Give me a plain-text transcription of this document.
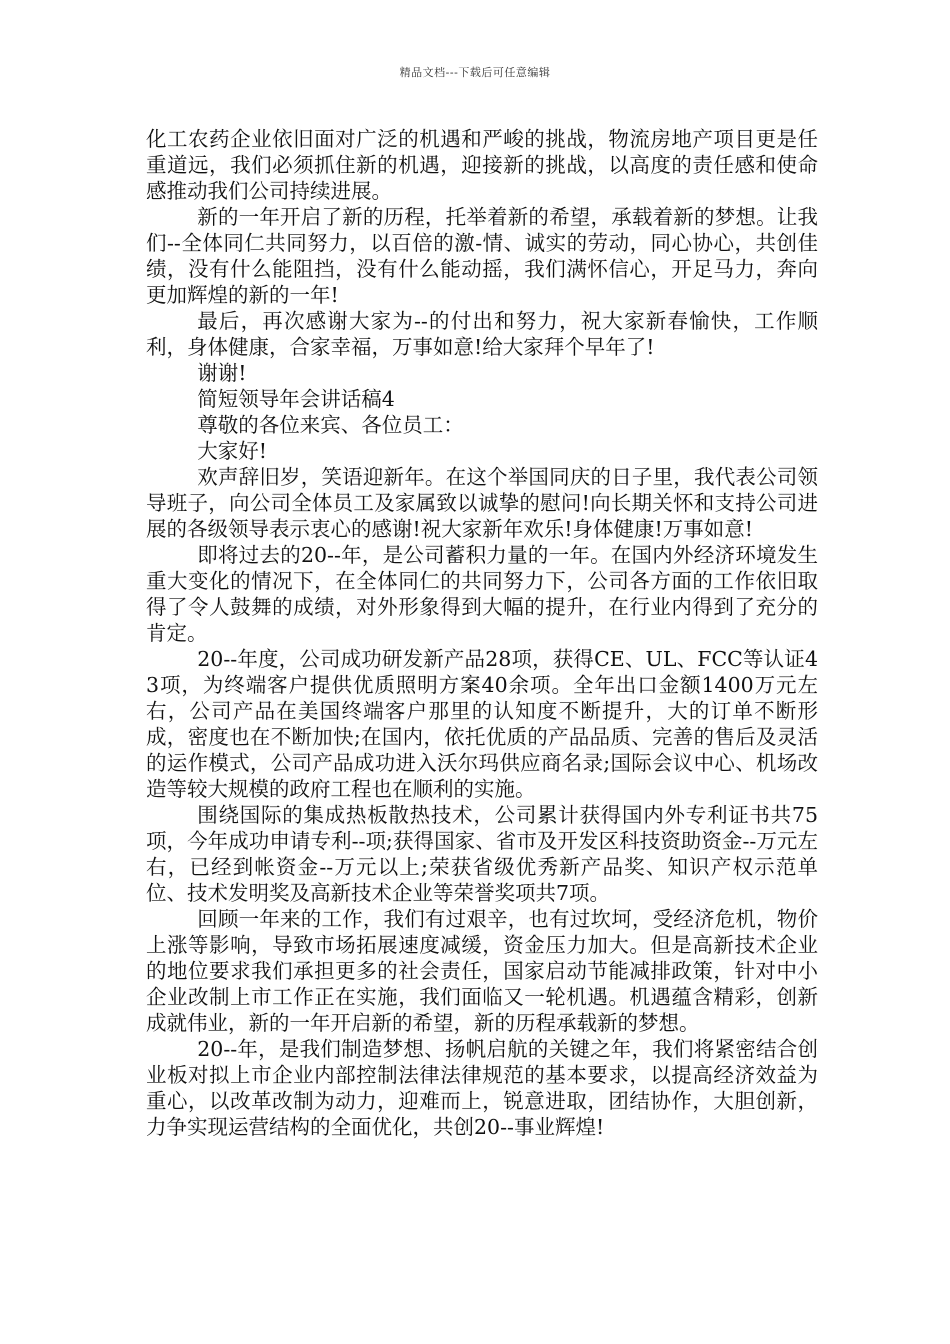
精品文档---下载后可任意编辑

化工农药企业依旧面对广泛的机遇和严峻的挑战，物流房地产项目更是任重道远，我们必须抓住新的机遇，迎接新的挑战，以高度的责任感和使命感推动我们公司持续进展。

新的一年开启了新的历程，托举着新的希望，承载着新的梦想。让我们--全体同仁共同努力，以百倍的激-情、诚实的劳动，同心协心，共创佳绩，没有什么能阻挡，没有什么能动摇，我们满怀信心，开足马力，奔向更加辉煌的新的一年!

最后，再次感谢大家为--的付出和努力，祝大家新春愉快，工作顺利，身体健康，合家幸福，万事如意!给大家拜个早年了!

谢谢!

简短领导年会讲话稿4

尊敬的各位来宾、各位员工：

大家好!

欢声辞旧岁，笑语迎新年。在这个举国同庆的日子里，我代表公司领导班子，向公司全体员工及家属致以诚挚的慰问!向长期关怀和支持公司进展的各级领导表示衷心的感谢!祝大家新年欢乐!身体健康!万事如意!

即将过去的20--年，是公司蓄积力量的一年。在国内外经济环境发生重大变化的情况下，在全体同仁的共同努力下，公司各方面的工作依旧取得了令人鼓舞的成绩，对外形象得到大幅的提升，在行业内得到了充分的肯定。

20--年度，公司成功研发新产品28项，获得CE、UL、FCC等认证43项，为终端客户提供优质照明方案40余项。全年出口金额1400万元左右，公司产品在美国终端客户那里的认知度不断提升，大的订单不断形成，密度也在不断加快;在国内，依托优质的产品品质、完善的售后及灵活的运作模式，公司产品成功进入沃尔玛供应商名录;国际会议中心、机场改造等较大规模的政府工程也在顺利的实施。

围绕国际的集成热板散热技术，公司累计获得国内外专利证书共75项，今年成功申请专利--项;获得国家、省市及开发区科技资助资金--万元左右，已经到帐资金--万元以上;荣获省级优秀新产品奖、知识产权示范单位、技术发明奖及高新技术企业等荣誉奖项共7项。

回顾一年来的工作，我们有过艰辛，也有过坎坷，受经济危机，物价上涨等影响，导致市场拓展速度减缓，资金压力加大。但是高新技术企业的地位要求我们承担更多的社会责任，国家启动节能减排政策，针对中小企业改制上市工作正在实施，我们面临又一轮机遇。机遇蕴含精彩，创新成就伟业，新的一年开启新的希望，新的历程承载新的梦想。

20--年，是我们制造梦想、扬帆启航的关键之年，我们将紧密结合创业板对拟上市企业内部控制法律法律规范的基本要求，以提高经济效益为重心，以改革改制为动力，迎难而上，锐意进取，团结协作，大胆创新，力争实现运营结构的全面优化，共创20--事业辉煌!
